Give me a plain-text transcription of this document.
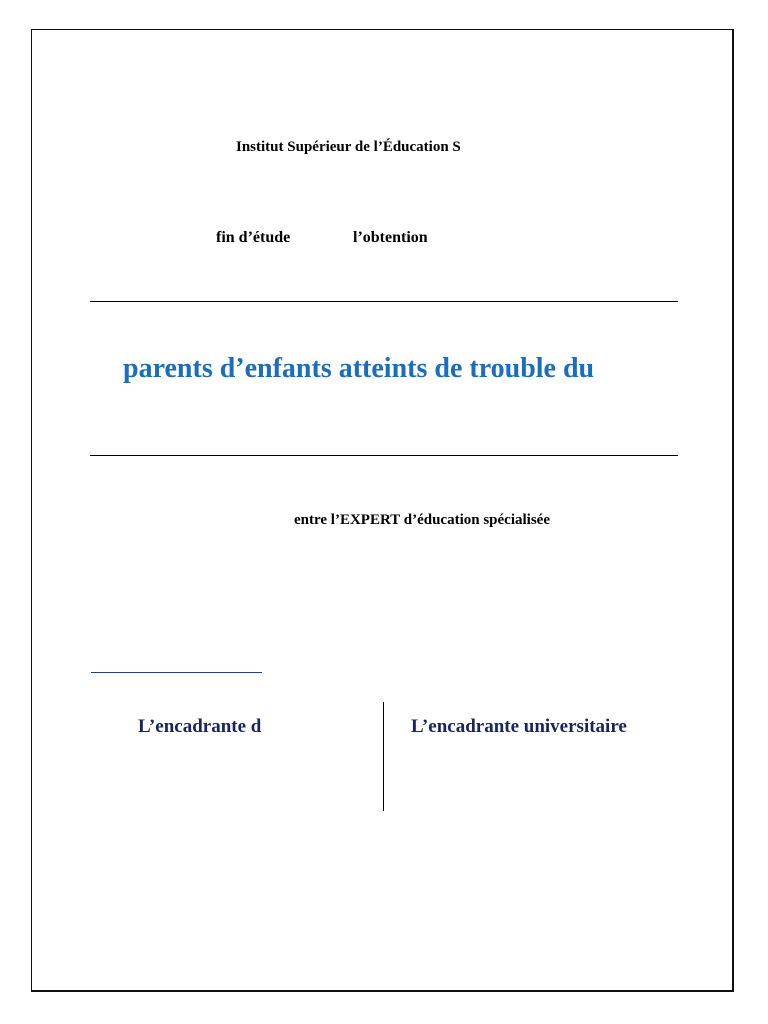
Institut Supérieur de l’Éducation S
fin d’étude	l’obtention
parents d’enfants atteints de trouble du
entre l’EXPERT d’éducation spécialisée
L’encadrante d	L’encadrante universitaire
